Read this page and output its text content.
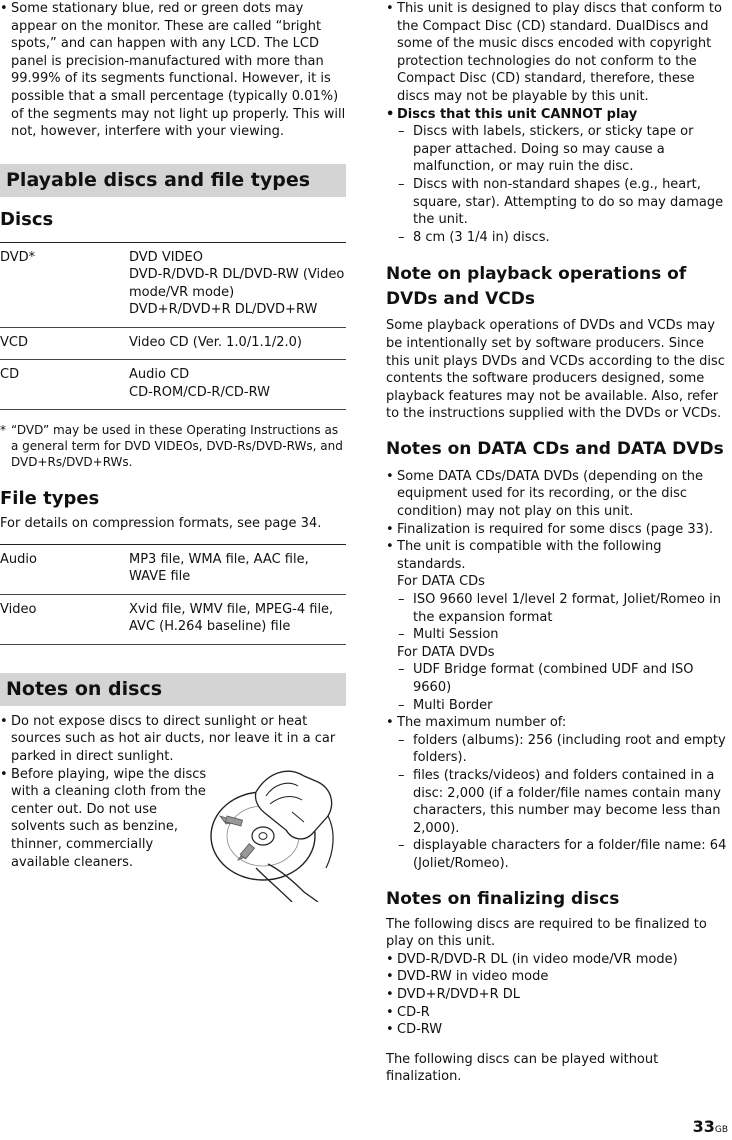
• Some stationary blue, red or green dots may appear on the monitor. These are called “bright spots,” and can happen with any LCD. The LCD panel is precision-manufactured with more than 99.99% of its segments functional. However, it is possible that a small percentage (typically 0.01%) of the segments may not light up properly. This will not, however, interfere with your viewing.

Playable discs and file types

Discs

DVD*	DVD VIDEO
DVD-R/DVD-R DL/DVD-RW (Video mode/VR mode)
DVD+R/DVD+R DL/DVD+RW

VCD	Video CD (Ver. 1.0/1.1/2.0)

CD	Audio CD
CD-ROM/CD-R/CD-RW

* “DVD” may be used in these Operating Instructions as a general term for DVD VIDEOs, DVD-Rs/DVD-RWs, and DVD+Rs/DVD+RWs.

File types

For details on compression formats, see page 34.

Audio	MP3 file, WMA file, AAC file, WAVE file
Video	Xvid file, WMV file, MPEG-4 file, AVC (H.264 baseline) file
Notes on discs

• Do not expose discs to direct sunlight or heat sources such as hot air ducts, nor leave it in a car parked in direct sunlight.

• Before playing, wipe the discs with a cleaning cloth from the center out. Do not use solvents such as benzine, thinner, commercially available cleaners.

• This unit is designed to play discs that conform to the Compact Disc (CD) standard. DualDiscs and some of the music discs encoded with copyright protection technologies do not conform to the Compact Disc (CD) standard, therefore, these discs may not be playable by this unit.

• Discs that this unit CANNOT play

– Discs with labels, stickers, or sticky tape or paper attached. Doing so may cause a malfunction, or may ruin the disc.

– Discs with non-standard shapes (e.g., heart, square, star). Attempting to do so may damage the unit.

– 8 cm (3 1/4 in) discs.

Note on playback operations of DVDs and VCDs

Some playback operations of DVDs and VCDs may be intentionally set by software producers. Since this unit plays DVDs and VCDs according to the disc contents the software producers designed, some playback features may not be available. Also, refer to the instructions supplied with the DVDs or VCDs.

Notes on DATA CDs and DATA DVDs

• Some DATA CDs/DATA DVDs (depending on the equipment used for its recording, or the disc condition) may not play on this unit.

• Finalization is required for some discs (page 33).

• The unit is compatible with the following standards.

For DATA CDs

– ISO 9660 level 1/level 2 format, Joliet/Romeo in the expansion format

– Multi Session

For DATA DVDs

– UDF Bridge format (combined UDF and ISO 9660)

– Multi Border

• The maximum number of:

– folders (albums): 256 (including root and empty folders).

– files (tracks/videos) and folders contained in a disc: 2,000 (if a folder/file names contain many characters, this number may become less than 2,000).

– displayable characters for a folder/file name: 64 (Joliet/Romeo).

Notes on finalizing discs

The following discs are required to be finalized to play on this unit.

• DVD-R/DVD-R DL (in video mode/VR mode)

• DVD-RW in video mode

• DVD+R/DVD+R DL

• CD-R

• CD-RW

The following discs can be played without finalization.

33GB
